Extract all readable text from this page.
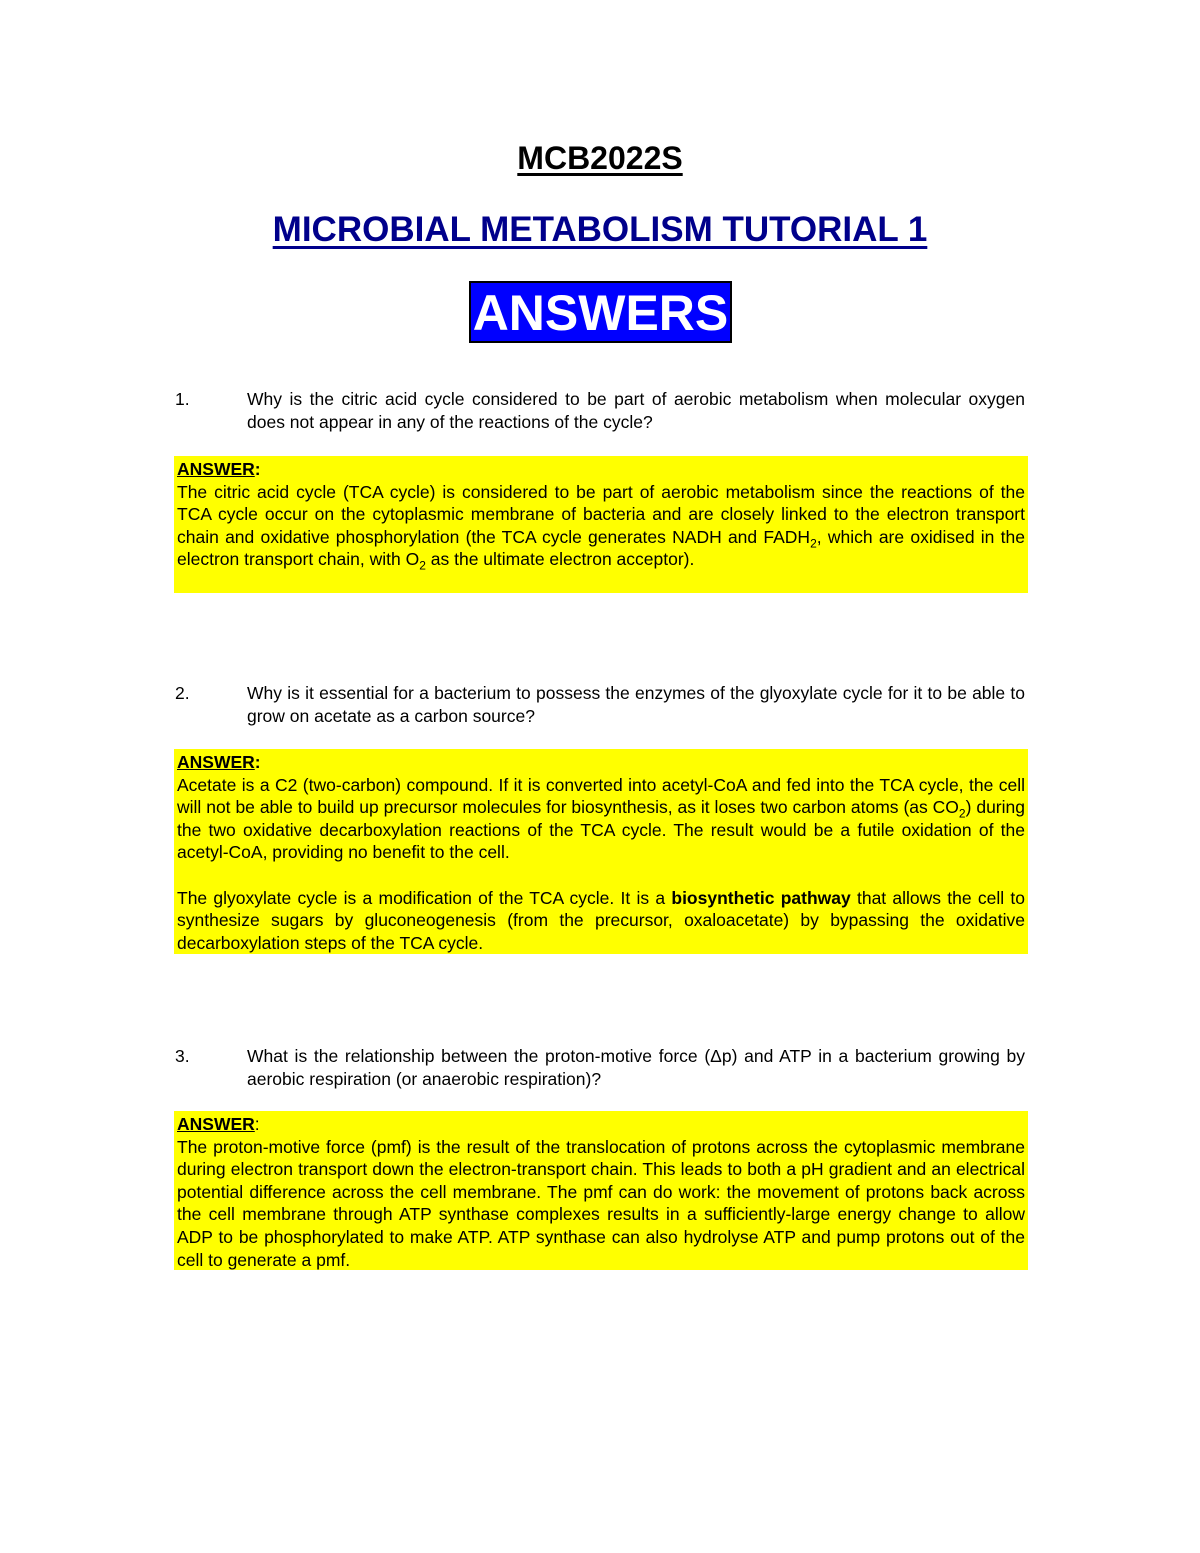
MCB2022S
MICROBIAL METABOLISM TUTORIAL 1
ANSWERS
1.	Why is the citric acid cycle considered to be part of aerobic metabolism when molecular oxygen does not appear in any of the reactions of the cycle?
ANSWER:
The citric acid cycle (TCA cycle) is considered to be part of aerobic metabolism since the reactions of the TCA cycle occur on the cytoplasmic membrane of bacteria and are closely linked to the electron transport chain and oxidative phosphorylation (the TCA cycle generates NADH and $FADH_2$, which are oxidised in the electron transport chain, with $O_2$ as the ultimate electron acceptor).
2.	Why is it essential for a bacterium to possess the enzymes of the glyoxylate cycle for it to be able to grow on acetate as a carbon source?
ANSWER:
Acetate is a C2 (two-carbon) compound. If it is converted into acetyl-CoA and fed into the TCA cycle, the cell will not be able to build up precursor molecules for biosynthesis, as it loses two carbon atoms (as $CO_2$) during the two oxidative decarboxylation reactions of the TCA cycle. The result would be a futile oxidation of the acetyl-CoA, providing no benefit to the cell.
The glyoxylate cycle is a modification of the TCA cycle. It is a biosynthetic pathway that allows the cell to synthesize sugars by gluconeogenesis (from the precursor, oxaloacetate) by bypassing the oxidative decarboxylation steps of the TCA cycle.
3.	What is the relationship between the proton-motive force (Δp) and ATP in a bacterium growing by aerobic respiration (or anaerobic respiration)?
ANSWER:
The proton-motive force (pmf) is the result of the translocation of protons across the cytoplasmic membrane during electron transport down the electron-transport chain. This leads to both a pH gradient and an electrical potential difference across the cell membrane. The pmf can do work: the movement of protons back across the cell membrane through ATP synthase complexes results in a sufficiently-large energy change to allow ADP to be phosphorylated to make ATP. ATP synthase can also hydrolyse ATP and pump protons out of the cell to generate a pmf.
